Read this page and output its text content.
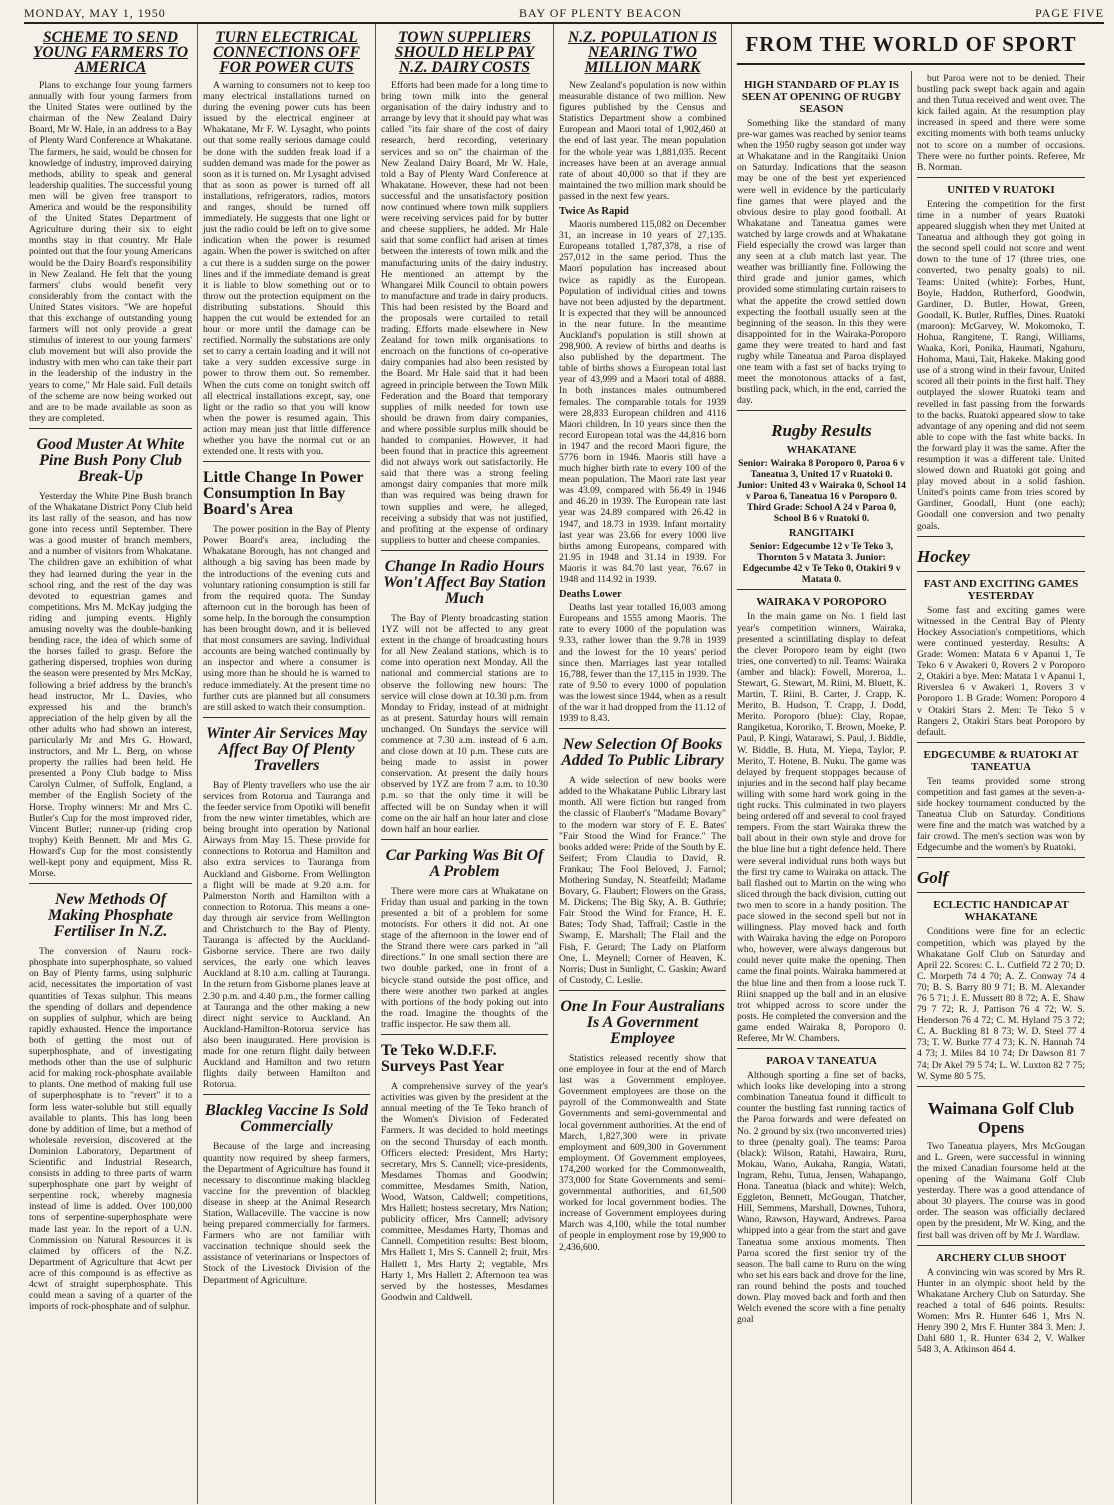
MONDAY, MAY 1, 1950	BAY OF PLENTY BEACON	PAGE FIVE
SCHEME TO SEND YOUNG FARMERS TO AMERICA

Plans to exchange four young farmers annually with four young farmers from the United States were outlined by the chairman of the New Zealand Dairy Board, Mr W. Hale, in an address to a Bay of Plenty Ward Conference at Whakatane. The farmers, he said, would be chosen for knowledge of industry, improved dairying methods, ability to speak and general leadership qualities. The successful young men will be given free transport to America and would be the responsibility of the United States Department of Agriculture during their six to eight months stay in that country. Mr Hale pointed out that the four young Americans would be the Dairy Board's responsibility in New Zealand. He felt that the young farmers' clubs would benefit very considerably from the contact with the United States visitors. "We are hopeful that this exchange of outstanding young farmers will not only provide a great stimulus of interest to our young farmers' club movement but will also provide the industry with men who can take their part in the leadership of the industry in the years to come," Mr Hale said. Full details of the scheme are now being worked out and are to be made available as soon as they are completed.

Good Muster At White Pine Bush Pony Club Break-Up

Yesterday the White Pine Bush branch of the Whakatane District Pony Club held its last rally of the season, and has now gone into recess until September. There was a good muster of branch members, and a number of visitors from Whakatane. The children gave an exhibition of what they had learned during the year in the school ring, and the rest of the day was devoted to equestrian games and competitions. Mrs M. McKay judging the riding and jumping events. Highly amusing novelty was the double-banking bending race, the idea of which some of the horses failed to grasp. Before the gathering dispersed, trophies won during the season were presented by Mrs McKay, following a brief address by the branch's head instructor, Mr L. Davies, who expressed his and the branch's appreciation of the help given by all the other adults who had shown an interest, particularly Mr and Mrs G. Howard, instructors, and Mr L. Berg, on whose property the rallies had been held. He presented a Pony Club badge to Miss Carolyn Culmer, of Suffolk, England, a member of the English Society of the Horse. Trophy winners: Mr and Mrs C. Butler's Cup for the most improved rider, Vincent Butler; runner-up (riding crop trophy) Keith Bennett. Mr and Mrs G. Howard's Cup for the most consistently well-kept pony and equipment, Miss R. Morse.

New Methods Of Making Phosphate Fertiliser In N.Z.

The conversion of Nauru rock-phosphate into superphosphate, so valued on Bay of Plenty farms, using sulphuric acid, necessitates the importation of vast quantities of Texas sulphur. This means the spending of dollars and dependence on supplies of sulphur, which are being rapidly exhausted. Hence the importance both of getting the most out of superphosphate, and of investigating methods other than the use of sulphuric acid for making rock-phosphate available to plants. One method of making full use of superphosphate is to "revert" it to a form less water-soluble but still equally available to plants. This has long been done by addition of lime, but a method of wholesale reversion, discovered at the Dominion Laboratory, Department of Scientific and Industrial Research, consists in adding to three parts of warm superphosphate one part by weight of serpentine rock, whereby magnesia instead of lime is added. Over 100,000 tons of serpentine-superphosphate were made last year. In the report of a U.N. Commission on Natural Resources it is claimed by officers of the N.Z. Department of Agriculture that 4cwt per acre of this compound is as effective as 4cwt of straight superphosphate. This could mean a saving of a quarter of the imports of rock-phosphate and of sulphur.

TURN ELECTRICAL CONNECTIONS OFF FOR POWER CUTS

A warning to consumers not to keep too many electrical installations turned on during the evening power cuts has been issued by the electrical engineer at Whakatane, Mr F. W. Lysaght, who points out that some really serious damage could be done with the sudden freak load if a sudden demand was made for the power as soon as it is turned on. Mr Lysaght advised that as soon as power is turned off all installations, refrigerators, radios, motors and ranges, should be turned off immediately. He suggests that one light or just the radio could be left on to give some indication when the power is resumed again. When the power is switched on after a cut there is a sudden surge on the power lines and if the immediate demand is great it is liable to blow something out or to throw out the protection equipment on the distributing substations. Should this happen the cut would be extended for an hour or more until the damage can be rectified. Normally the substations are only set to carry a certain loading and it will not take a very sudden excessive surge in power to throw them out. So remember. When the cuts come on tonight switch off all electrical installations except, say, one light or the radio so that you will know when the power is resumed again. This action may mean just that little difference whether you have the normal cut or an extended one. It rests with you.

Little Change In Power Consumption In Bay Board's Area

The power position in the Bay of Plenty Power Board's area, including the Whakatane Borough, has not changed and although a big saving has been made by the introductions of the evening cuts and voluntary rationing consumption is still far from the required quota. The Sunday afternoon cut in the borough has been of some help. In the borough the consumption has been brought down, and it is believed that most consumers are saving. Individual accounts are being watched continually by an inspector and where a consumer is using more than he should he is warned to reduce immediately. At the present time no further cuts are planned but all consumers are still asked to watch their consumption.

Winter Air Services May Affect Bay Of Plenty Travellers

Bay of Plenty travellers who use the air services from Rotorua and Tauranga and the feeder service from Opotiki will benefit from the new winter timetables, which are being brought into operation by National Airways from May 15. These provide for connections to Rotorua and Hamilton and also extra services to Tauranga from Auckland and Gisborne. From Wellington a flight will be made at 9.20 a.m. for Palmerston North and Hamilton with a connection to Rotorua. This means a one-day through air service from Wellington and Christchurch to the Bay of Plenty. Tauranga is affected by the Auckland-Gisborne service. There are two daily services, the early one which leaves Auckland at 8.10 a.m. calling at Tauranga. In the return from Gisborne planes leave at 2.30 p.m. and 4.40 p.m., the former calling at Tauranga and the other making a new direct night service to Auckland. An Auckland-Hamilton-Rotorua service has also been inaugurated. Here provision is made for one return flight daily between Auckland and Hamilton and two return flights daily between Hamilton and Rotorua.

Blackleg Vaccine Is Sold Commercially

Because of the large and increasing quantity now required by sheep farmers, the Department of Agriculture has found it necessary to discontinue making blackleg vaccine for the prevention of blackleg disease in sheep at the Animal Research Station, Wallaceville. The vaccine is now being prepared commercially for farmers. Farmers who are not familiar with vaccination technique should seek the assistance of veterinarians or Inspectors of Stock of the Livestock Division of the Department of Agriculture.

TOWN SUPPLIERS SHOULD HELP PAY N.Z. DAIRY COSTS

Efforts had been made for a long time to bring town milk into the general organisation of the dairy industry and to arrange by levy that it should pay what was called "its fair share of the cost of dairy research, herd recording, veterinary services and so on" the chairman of the New Zealand Dairy Board, Mr W. Hale, told a Bay of Plenty Ward Conference at Whakatane. However, these had not been successful and the unsatisfactory position now continued where town milk suppliers were receiving services paid for by butter and cheese suppliers, he added. Mr Hale said that some conflict had arisen at times between the interests of town milk and the manufacturing units of the dairy industry. He mentioned an attempt by the Whangarei Milk Council to obtain powers to manufacture and trade in dairy products. This had been resisted by the Board and the proposals were curtailed to retail trading. Efforts made elsewhere in New Zealand for town milk organisations to encroach on the functions of co-operative dairy companies had also been resisted by the Board. Mr Hale said that it had been agreed in principle between the Town Milk Federation and the Board that temporary supplies of milk needed for town use should be drawn from dairy companies, and where possible surplus milk should be handed to companies. However, it had been found that in practice this agreement did not always work out satisfactorily. He said that there was a strong feeling amongst dairy companies that more milk than was required was being drawn for town supplies and were, he alleged, receiving a subsidy that was not justified, and profiting at the expense of ordinary suppliers to butter and cheese companies.

Change In Radio Hours Won't Affect Bay Station Much

The Bay of Plenty broadcasting station 1YZ will not be affected to any great extent in the change of broadcasting hours for all New Zealand stations, which is to come into operation next Monday. All the national and commercial stations are to observe the following new hours: The service will close down at 10.30 p.m. from Monday to Friday, instead of at midnight as at present. Saturday hours will remain unchanged. On Sundays the service will commence at 7.30 a.m. instead of 6 a.m. and close down at 10 p.m. These cuts are being made to assist in power conservation. At present the daily hours observed by 1YZ are from 7 a.m. to 10.30 p.m. so that the only time it will be affected will be on Sunday when it will come on the air half an hour later and close down half an hour earlier.

Car Parking Was Bit Of A Problem

There were more cars at Whakatane on Friday than usual and parking in the town presented a bit of a problem for some motorists. For others it did not. At one stage of the afternoon in the lower end of the Strand there were cars parked in "all directions." In one small section there are two double parked, one in front of a bicycle stand outside the post office, and there were another two parked at angles with portions of the body poking out into the road. Imagine the thoughts of the traffic inspector. He saw them all.

Te Teko W.D.F.F. Surveys Past Year

A comprehensive survey of the year's activities was given by the president at the annual meeting of the Te Teko branch of the Women's Division of Federated Farmers. It was decided to hold meetings on the second Thursday of each month. Officers elected: President, Mrs Harty; secretary, Mrs S. Cannell; vice-presidents, Mesdames Thomas and Goodwin; committee, Mesdames Smith, Nation, Wood, Watson, Caldwell; competitions, Mrs Hallett; hostess secretary, Mrs Nation; publicity officer, Mrs Cannell; advisory committee, Mesdames Harty, Thomas and Cannell. Competition results: Best bloom, Mrs Hallett 1, Mrs S. Cannell 2; fruit, Mrs Hallett 1, Mrs Harty 2; vegtable, Mrs Harty 1, Mrs Hallett 2. Afternoon tea was served by the hostesses, Mesdames Goodwin and Caldwell.

N.Z. POPULATION IS NEARING TWO MILLION MARK

New Zealand's population is now within measurable distance of two million. New figures published by the Census and Statistics Department show a combined European and Maori total of 1,902,460 at the end of last year. The mean population for the whole year was 1,881,035. Recent increases have been at an average annual rate of about 40,000 so that if they are maintained the two million mark should be passed in the next few years.

Twice As Rapid

Maoris numbered 115,082 on December 31, an increase in 10 years of 27,135. Europeans totalled 1,787,378, a rise of 257,012 in the same period. Thus the Maori population has increased about twice as rapidly as the European. Population of individual cities and towns have not been adjusted by the department. It is expected that they will be announced in the near future. In the meantime Auckland's population is still shown at 298,900. A review of births and deaths is also published by the department. The table of births shows a European total last year of 43,999 and a Maori total of 4888. In both instances males outnumbered females. The comparable totals for 1939 were 28,833 European children and 4116 Maori children. In 10 years since then the record European total was the 44,816 born in 1947 and the record Maori figure, the 5776 born in 1946. Maoris still have a much higher birth rate to every 100 of the mean population. The Maori rate last year was 43.09, compared with 56.49 in 1946 and 46.20 in 1939. The European rate last year was 24.89 compared with 26.42 in 1947, and 18.73 in 1939. Infant mortality last year was 23.66 for every 1000 live births among Europeans, compared with 21.95 in 1948 and 31.14 in 1939. For Maoris it was 84.70 last year, 76.67 in 1948 and 114.92 in 1939.

Deaths Lower

Deaths last year totalled 16,003 among Europeans and 1555 among Maoris. The rate to every 1000 of the population was 9.33, rather lower than the 9.78 in 1939 and the lowest for the 10 years' period since then. Marriages last year totalled 16,788, fewer than the 17,115 in 1939. The rate of 9.50 to every 1000 of population was the lowest since 1944, when as a result of the war it had dropped from the 11.12 of 1939 to 8.43.

New Selection Of Books Added To Public Library

A wide selection of new books were added to the Whakatane Public Library last month. All were fiction but ranged from the classic of Flaubert's "Madame Bovary" to the modern war story of F. E. Bates' "Fair Stood the Wind for France." The books added were: Pride of the South by E. Seifert; From Claudia to David, R. Frankau; The Fool Beloved, J. Farnol; Mothering Sunday, N. Steatfeild; Madame Bovary, G. Flaubert; Flowers on the Grass, M. Dickens; The Big Sky, A. B. Guthrie; Fair Stood the Wind for France, H. E. Bates; Tody Shad, Taffrail; Castle in the Swamp, E. Marshall; The Flail and the Fish, F. Gerard; The Lady on Platform One, L. Meynell; Corner of Heaven, K. Norris; Dust in Sunlight, C. Gaskin; Award of Custody, C. Leslie.

One In Four Australians Is A Government Employee

Statistics released recently show that one employee in four at the end of March last was a Government employee. Government employees are those on the payroll of the Commonwealth and State Governments and semi-governmental and local government authorities. At the end of March, 1,827,300 were in private employment and 609,300 in Government employment. Of Government employees, 174,200 worked for the Commonwealth, 373,000 for State Governments and semi-governmental authorities, and 61,500 worked for local government bodies. The increase of Government employees during March was 4,100, while the total number of people in employment rose by 19,900 to 2,436,600.

FROM THE WORLD OF SPORT
HIGH STANDARD OF PLAY IS SEEN AT OPENING OF RUGBY SEASON

Something like the standard of many pre-war games was reached by senior teams when the 1950 rugby season got under way at Whakatane and in the Rangitaiki Union on Saturday. Indications that the season may be one of the best yet experienced were well in evidence by the particularly fine games that were played and the obvious desire to play good football. At Whakatane and Taneatua games were watched by large crowds and at Whakatane Field especially the crowd was larger than any seen at a club match last year. The weather was brilliantly fine. Following the third grade and junior games, which provided some stimulating curtain raisers to what the appetite the crowd settled down expecting the football usually seen at the beginning of the season. In this they were disappointed for in the Wairaka-Poroporo game they were treated to hard and fast rugby while Taneatua and Paroa displayed one team with a fast set of backs trying to meet the monotonous attacks of a fast, bustling pack, which, in the end, carried the day.

Rugby Results
WHAKATANE
Senior: Wairaka 8 Poroporo 0, Paroa 6 v Taneatua 3, United 17 v Ruatoki 0. Junior: United 43 v Wairaka 0, School 14 v Paroa 6, Taneatua 16 v Poroporo 0. Third Grade: School A 24 v Paroa 0, School B 6 v Ruatoki 0.
RANGITAIKI
Senior: Edgecumbe 12 v Te Teko 3, Thornton 5 v Matata 3. Junior: Edgecumbe 42 v Te Teko 0, Otakiri 9 v Matata 0.
WAIRAKA V POROPORO

In the main game on No. 1 field last year's competition winners, Wairaka, presented a scintillating display to defeat the clever Poroporo team by eight (two tries, one converted) to nil. Teams: Wairaka (amber and black): Fowell, Moreroa, L. Stewart, G. Stewart, M. Riini, M. Bluett, K. Martin, T. Riini, B. Carter, J. Crapp, K. Merito, B. Hudson, T. Crapp, J. Dodd, Merito. Poroporo (blue): Clay, Ropae, Rangiketua, Kororiko, T. Brown, Moeke, P. Paul, P. Kingi, Watarawi, S. Paul, J. Biddle, W. Biddle, B. Huta, M. Yiepa, Taylor, P. Merito, T. Hotene, B. Nuku. The game was delayed by frequent stoppages because of injuries and in the second half play became willing with some hard work going in the tight rucks. This culminated in two players being ordered off and several to cool frayed tempers. From the start Wairaka threw the ball about in their own style and drove for the blue line but a tight defence held. There were several individual runs both ways but the first try came to Wairaka on attack. The ball flashed out to Martin on the wing who sliced through the back division, cutting out two men to score in a handy position. The pace slowed in the second spell but not in willingness. Play moved back and forth with Wairaka having the edge on Poroporo who, however, were always dangerous but could never quite make the opening. Then came the final points. Wairaka hammered at the blue line and then from a loose ruck T. Riini snapped up the ball and in an elusive trot whipped across to score under the posts. He completed the conversion and the game ended Wairaka 8, Poroporo 0. Referee, Mr W. Chambers.

PAROA V TANEATUA

Although sporting a fine set of backs, which looks like developing into a strong combination Taneatua found it difficult to counter the bustling fast running tactics of the Paroa forwards and were defeated on No. 2 ground by six (two unconverted tries) to three (penalty goal). The teams: Paroa (black): Wilson, Ratahi, Hawaira, Ruru, Mokau, Wano, Aukaha, Rangia, Watati, Ingram, Rehu, Tutua, Jensen, Wahapango, Hona. Taneatua (black and white): Welch, Eggleton, Bennett, McGougan, Thatcher, Hill, Semmens, Marshall, Downes, Tuhora, Wano, Rawson, Hayward, Andrews. Paroa whipped into a gear from the start and gave Taneatua some anxious moments. Then Paroa scored the first senior try of the season. The ball came to Ruru on the wing who set his ears back and drove for the line, ran round behind the posts and touched down. Play moved back and forth and then Welch evened the score with a fine penalty goal

but Paroa were not to be denied. Their bustling pack swept back again and again and then Tutua received and went over. The kick failed again. At the resumption play increased in speed and there were some exciting moments with both teams unlucky not to score on a number of occasions. There were no further points. Referee, Mr B. Norman.

UNITED V RUATOKI

Entering the competition for the first time in a number of years Ruatoki appeared sluggish when they met United at Taneatua and although they got going in the second spell could not score and went down to the tune of 17 (three tries, one converted, two penalty goals) to nil. Teams: United (white): Forbes, Hunt, Boyle, Haddon, Rutherford, Goodwin, Gardiner, D. Butler, Howat, Green, Goodall, K. Butler, Ruffles, Dines. Ruatoki (maroon): McGarvey, W. Mokomoko, T. Hohua, Rangitene, T. Rangi, Williams, Waaka, Kori, Ponika, Haumati, Ngahuru, Hohoma, Maui, Tait, Hakeke. Making good use of a strong wind in their favour, United scored all their points in the first half. They outplayed the slower Ruatoki team and revelled in fast passing from the forwards to the backs. Ruatoki appeared slow to take advantage of any opening and did not seem able to cope with the fast white backs. In the forward play it was the same. After the resumption it was a different tale. United slowed down and Ruatoki got going and play moved about in a solid fashion. United's points came from tries scored by Gardiner, Goodall, Hunt (one each); Goodall one conversion and two penalty goals.

Hockey
FAST AND EXCITING GAMES YESTERDAY

Some fast and exciting games were witnessed in the Central Bay of Plenty Hockey Association's competitions, which were continued yesterday. Results: A Grade: Women: Matata 6 v Apanui 1, Te Teko 6 v Awakeri 0, Rovers 2 v Poroporo 2, Otakiri a bye. Men: Matata 1 v Apanui 1, Riverslea 6 v Awakeri 1, Rovers 3 v Poroporo 1. B Grade: Women: Poroporo 4 v Otakiri Stars 2. Men: Te Teko 5 v Rangers 2, Otakiri Stars beat Poroporo by default.

EDGECUMBE & RUATOKI AT TANEATUA

Ten teams provided some strong competition and fast games at the seven-a-side hockey tournament conducted by the Taneatua Club on Saturday. Conditions were fine and the match was watched by a fair crowd. The men's section was won by Edgecumbe and the women's by Ruatoki.

Golf
ECLECTIC HANDICAP AT WHAKATANE

Conditions were fine for an eclectic competition, which was played by the Whakatane Golf Club on Saturday and April 22. Scores: C. L. Cutfield 72 2 70; D. C. Morpeth 74 4 70; A. Z. Conway 74 4 70; B. S. Barry 80 9 71; B. M. Alexander 76 5 71; J. E. Mussett 80 8 72; A. E. Shaw 79 7 72; R. J. Pattison 76 4 72; W. S. Henderson 76 4 72; C. M. Hyland 75 3 72; C. A. Buckling 81 8 73; W. D. Steel 77 4 73; T. W. Burke 77 4 73; K. N. Hannah 74 4 73; J. Miles 84 10 74; Dr Dawson 81 7 74; Dr Akel 79 5 74; L. W. Luxton 82 7 75; W. Syme 80 5 75.

Waimana Golf Club Opens

Two Taneatua players, Mrs McGougan and L. Green, were successful in winning the mixed Canadian foursome held at the opening of the Waimana Golf Club yesterday. There was a good attendance of about 30 players. The course was in good order. The season was officially declared open by the president, Mr W. King, and the first ball was driven off by Mr J. Wardlaw.

ARCHERY CLUB SHOOT

A convincing win was scored by Mrs R. Hunter in an olympic shoot held by the Whakatane Archery Club on Saturday. She reached a total of 646 points. Results: Women: Mrs R. Hunter 646 1, Mrs N. Henry 390 2, Mrs F. Hunter 384 3. Men: J. Dahl 680 1, R. Hunter 634 2, V. Walker 548 3, A. Atkinson 464 4.
